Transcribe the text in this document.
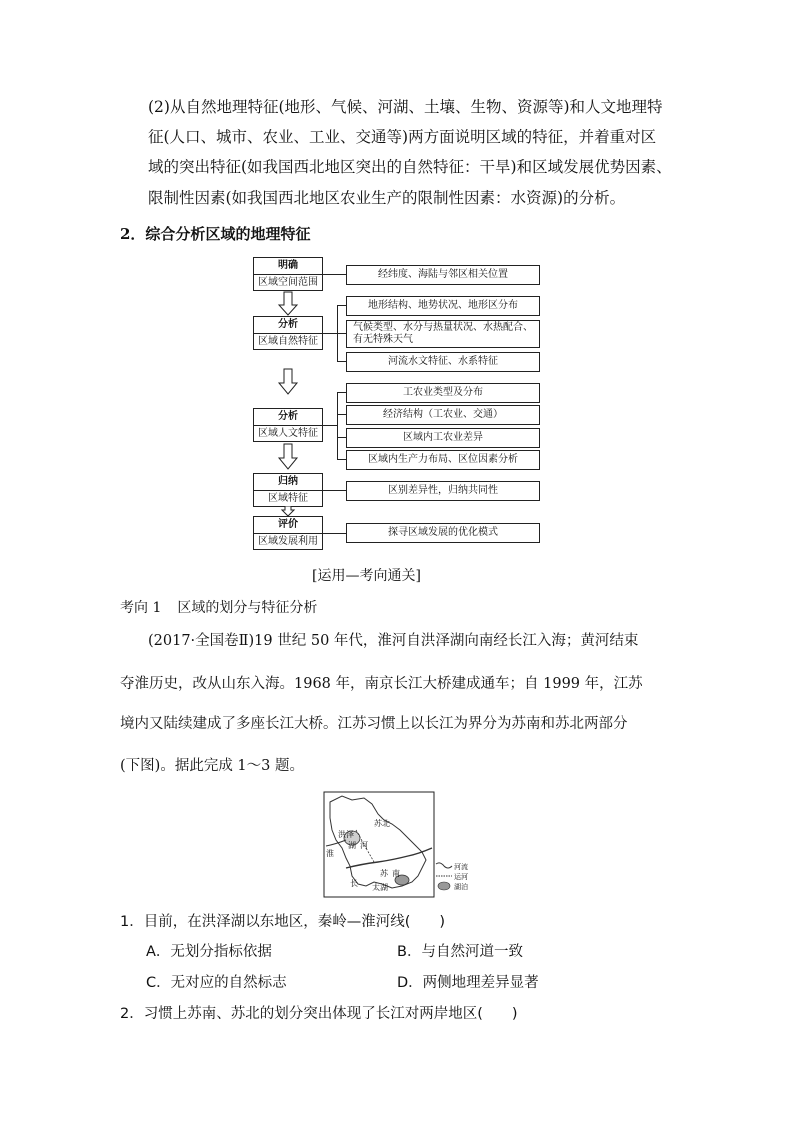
(2)从自然地理特征(地形、气候、河湖、土壤、生物、资源等)和人文地理特
征(人口、城市、农业、工业、交通等)两方面说明区域的特征，并着重对区
域的突出特征(如我国西北地区突出的自然特征：干旱)和区域发展优势因素、
限制性因素(如我国西北地区农业生产的限制性因素：水资源)的分析。
2．综合分析区域的地理特征
明确
区域空间范围
分析
区域自然特征
分析
区域人文特征
归纳
区域特征
评价
区域发展利用
经纬度、海陆与邻区相关位置
地形结构、地势状况、地形区分布
气候类型、水分与热量状况、水热配合、
有无特殊天气
河流水文特征、水系特征
工农业类型及分布
经济结构（工农业、交通）
区域内工农业差异
区域内生产力布局、区位因素分析
区别差异性，归纳共同性
探寻区域发展的优化模式
[运用—考向通关]
考向 1 区域的划分与特征分析
(2017·全国卷Ⅱ)19 世纪 50 年代，淮河自洪泽湖向南经长江入海；黄河结束
夺淮历史，改从山东入海。1968 年，南京长江大桥建成通车；自 1999 年，江苏
境内又陆续建成了多座长江大桥。江苏习惯上以长江为界分为苏南和苏北两部分
(下图)。据此完成 1～3 题。
苏北
洪泽
湖
淮
河
长
苏 南
太湖
河流
运河
湖泊
1．目前，在洪泽湖以东地区，秦岭—淮河线(　　)
A．无划分指标依据	B．与自然河道一致
C．无对应的自然标志	D．两侧地理差异显著
2．习惯上苏南、苏北的划分突出体现了长江对两岸地区(　　)
